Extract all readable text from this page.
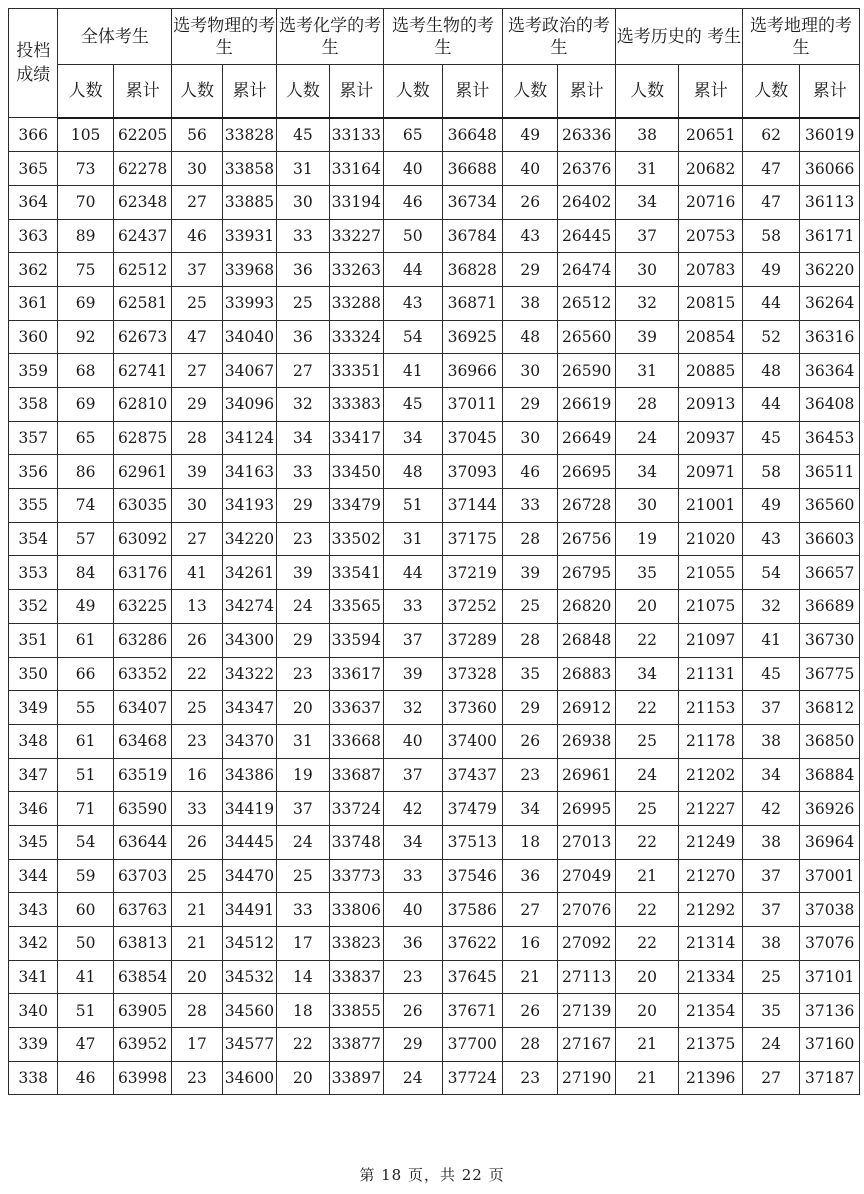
投档成绩	全体考生		选考物理的考生		选考化学的考生		选考生物的考生		选考政治的考生		选考历史的 考生		选考地理的考生	
	人数	累计	人数	累计	人数	累计	人数	累计	人数	累计	人数	累计	人数	累计
366	105	62205	56	33828	45	33133	65	36648	49	26336	38	20651	62	36019
365	73	62278	30	33858	31	33164	40	36688	40	26376	31	20682	47	36066
364	70	62348	27	33885	30	33194	46	36734	26	26402	34	20716	47	36113
363	89	62437	46	33931	33	33227	50	36784	43	26445	37	20753	58	36171
362	75	62512	37	33968	36	33263	44	36828	29	26474	30	20783	49	36220
361	69	62581	25	33993	25	33288	43	36871	38	26512	32	20815	44	36264
360	92	62673	47	34040	36	33324	54	36925	48	26560	39	20854	52	36316
359	68	62741	27	34067	27	33351	41	36966	30	26590	31	20885	48	36364
358	69	62810	29	34096	32	33383	45	37011	29	26619	28	20913	44	36408
357	65	62875	28	34124	34	33417	34	37045	30	26649	24	20937	45	36453
356	86	62961	39	34163	33	33450	48	37093	46	26695	34	20971	58	36511
355	74	63035	30	34193	29	33479	51	37144	33	26728	30	21001	49	36560
354	57	63092	27	34220	23	33502	31	37175	28	26756	19	21020	43	36603
353	84	63176	41	34261	39	33541	44	37219	39	26795	35	21055	54	36657
352	49	63225	13	34274	24	33565	33	37252	25	26820	20	21075	32	36689
351	61	63286	26	34300	29	33594	37	37289	28	26848	22	21097	41	36730
350	66	63352	22	34322	23	33617	39	37328	35	26883	34	21131	45	36775
349	55	63407	25	34347	20	33637	32	37360	29	26912	22	21153	37	36812
348	61	63468	23	34370	31	33668	40	37400	26	26938	25	21178	38	36850
347	51	63519	16	34386	19	33687	37	37437	23	26961	24	21202	34	36884
346	71	63590	33	34419	37	33724	42	37479	34	26995	25	21227	42	36926
345	54	63644	26	34445	24	33748	34	37513	18	27013	22	21249	38	36964
344	59	63703	25	34470	25	33773	33	37546	36	27049	21	21270	37	37001
343	60	63763	21	34491	33	33806	40	37586	27	27076	22	21292	37	37038
342	50	63813	21	34512	17	33823	36	37622	16	27092	22	21314	38	37076
341	41	63854	20	34532	14	33837	23	37645	21	27113	20	21334	25	37101
340	51	63905	28	34560	18	33855	26	37671	26	27139	20	21354	35	37136
339	47	63952	17	34577	22	33877	29	37700	28	27167	21	21375	24	37160
338	46	63998	23	34600	20	33897	24	37724	23	27190	21	21396	27	37187
第 18 页，共 22 页
